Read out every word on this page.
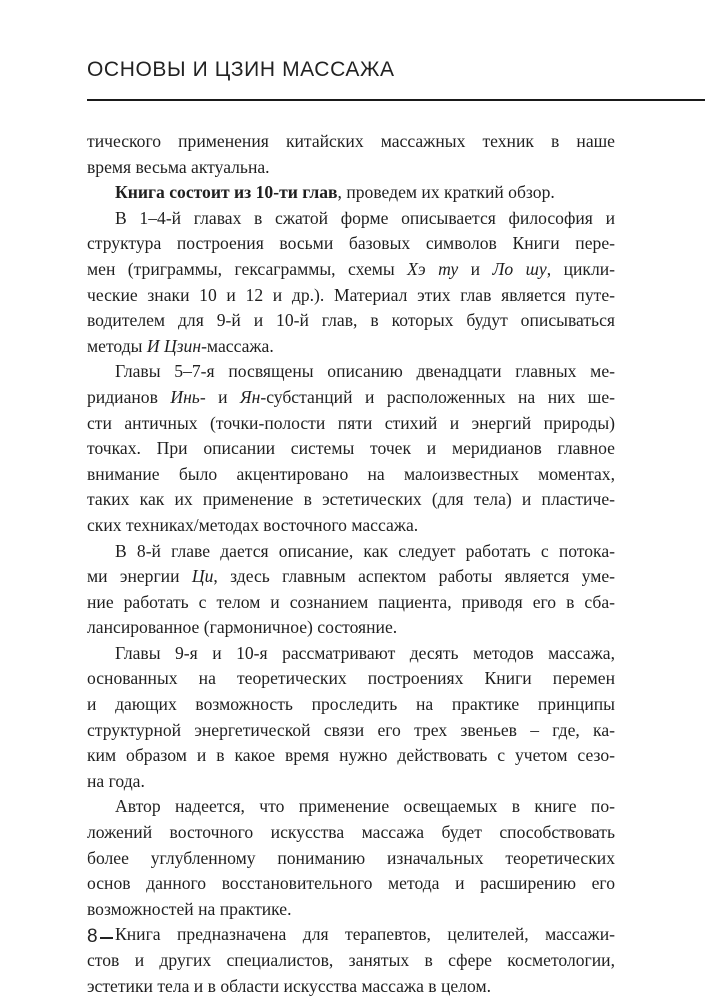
ОСНОВЫ И ЦЗИН МАССАЖА
тического применения китайских массажных техник в наше
время весьма актуальна.
Книга состоит из 10-ти глав, проведем их краткий обзор.
В 1–4-й главах в сжатой форме описывается философия и
структура построения восьми базовых символов Книги пере-
мен (триграммы, гексаграммы, схемы Хэ ту и Ло шу, цикли-
ческие знаки 10 и 12 и др.). Материал этих глав является путе-
водителем для 9-й и 10-й глав, в которых будут описываться
методы И Цзин-массажа.
Главы 5–7-я посвящены описанию двенадцати главных ме-
ридианов Инь- и Ян-субстанций и расположенных на них ше-
сти античных (точки-полости пяти стихий и энергий природы)
точках. При описании системы точек и меридианов главное
внимание было акцентировано на малоизвестных моментах,
таких как их применение в эстетических (для тела) и пластиче-
ских техниках/методах восточного массажа.
В 8-й главе дается описание, как следует работать с потока-
ми энергии Ци, здесь главным аспектом работы является уме-
ние работать с телом и сознанием пациента, приводя его в сба-
лансированное (гармоничное) состояние.
Главы 9-я и 10-я рассматривают десять методов массажа,
основанных на теоретических построениях Книги перемен
и дающих возможность проследить на практике принципы
структурной энергетической связи его трех звеньев – где, ка-
ким образом и в какое время нужно действовать с учетом сезо-
на года.
Автор надеется, что применение освещаемых в книге по-
ложений восточного искусства массажа будет способствовать
более углубленному пониманию изначальных теоретических
основ данного восстановительного метода и расширению его
возможностей на практике.
Книга предназначена для терапевтов, целителей, массажи-
стов и других специалистов, занятых в сфере косметологии,
эстетики тела и в области искусства массажа в целом.
8
